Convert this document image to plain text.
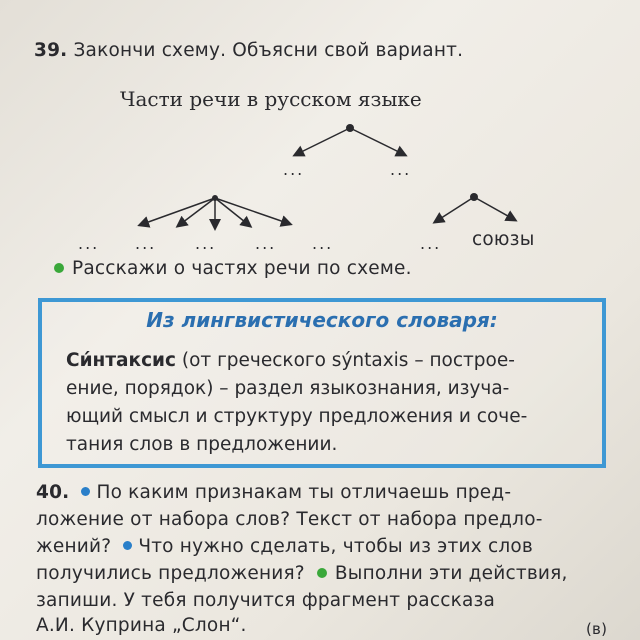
39. Закончи схему. Объясни свой вариант.
Части речи в русском языке
...	...
... ... ... ... ...	... союзы
Расскажи о частях речи по схеме.
Из лингвистического словаря:
Си́нтаксис (от греческого sýntaxis – построе-
ение, порядок) – раздел языкознания, изуча-
ющий смысл и структуру предложения и сочe-
тания слов в предложении.
40. По каким признакам ты отличаешь пред-
ложение от набора слов? Текст от набора предло-
жений? Что нужно сделать, чтобы из этих слов
получились предложения? Выполни эти действия,
запиши. У тебя получится фрагмент рассказа
А.И. Куприна „Слон“.	(в)
